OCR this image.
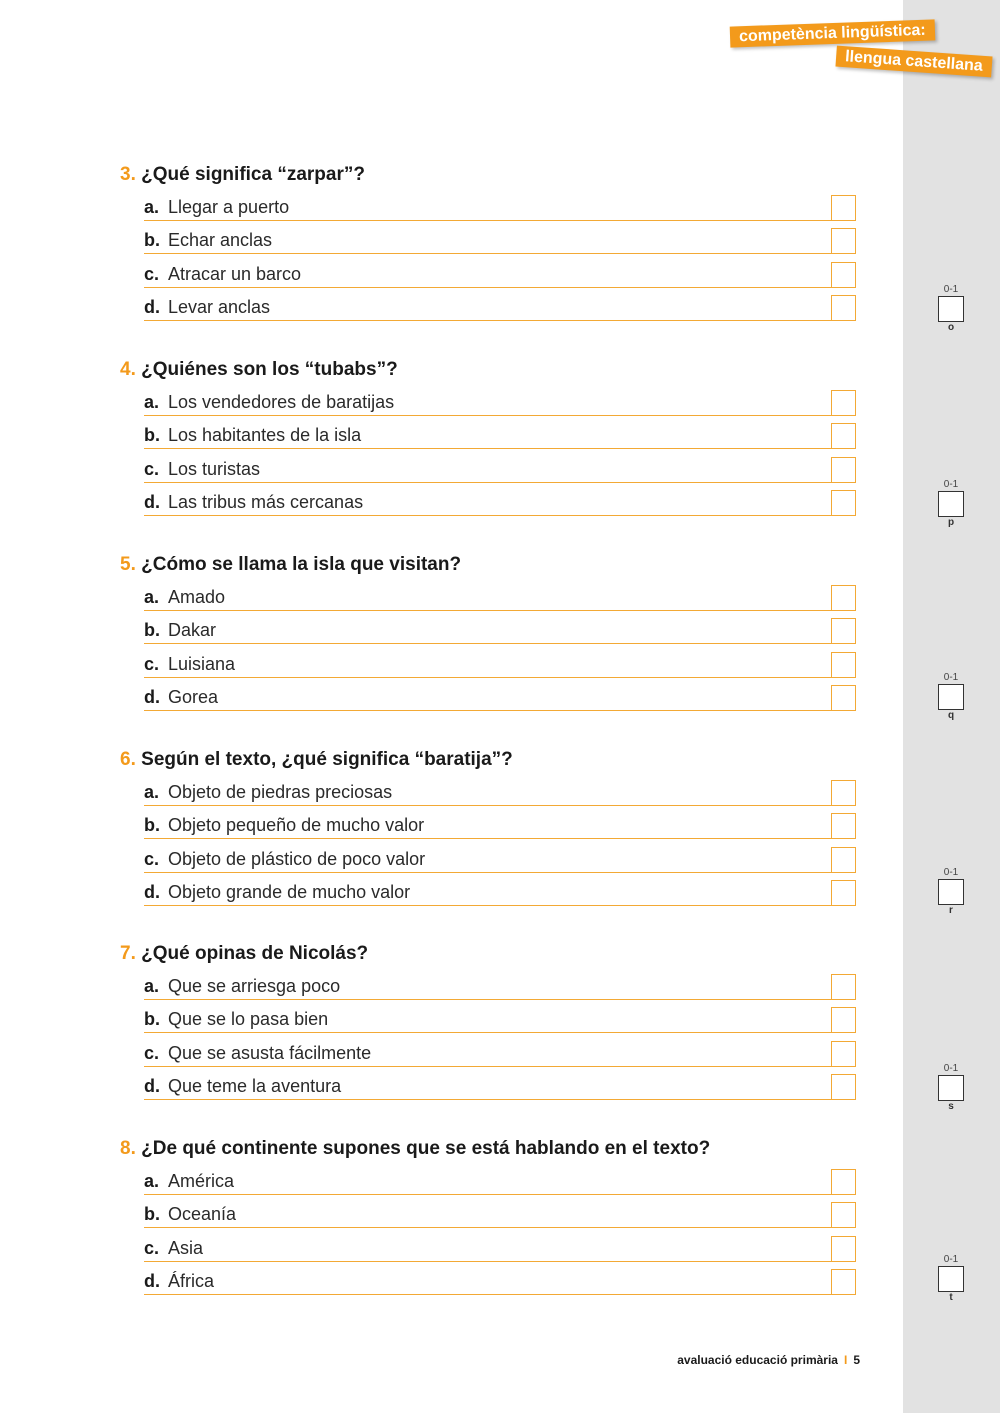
competència lingüística:
llengua castellana
3. ¿Qué significa “zarpar”?
a. Llegar a puerto
b. Echar anclas
c. Atracar un barco
d. Levar anclas
4. ¿Quiénes son los “tubabs”?
a. Los vendedores de baratijas
b. Los habitantes de la isla
c. Los turistas
d. Las tribus más cercanas
5. ¿Cómo se llama la isla que visitan?
a. Amado
b. Dakar
c. Luisiana
d. Gorea
6. Según el texto, ¿qué significa “baratija”?
a. Objeto de piedras preciosas
b. Objeto pequeño de mucho valor
c. Objeto de plástico de poco valor
d. Objeto grande de mucho valor
7. ¿Qué opinas de Nicolás?
a. Que se arriesga poco
b. Que se lo pasa bien
c. Que se asusta fácilmente
d. Que teme la aventura
8. ¿De qué continente supones que se está hablando en el texto?
a. América
b. Oceanía
c. Asia
d. África
avaluació educació primària I 5
0-1
o
0-1
p
0-1
q
0-1
r
0-1
s
0-1
t
